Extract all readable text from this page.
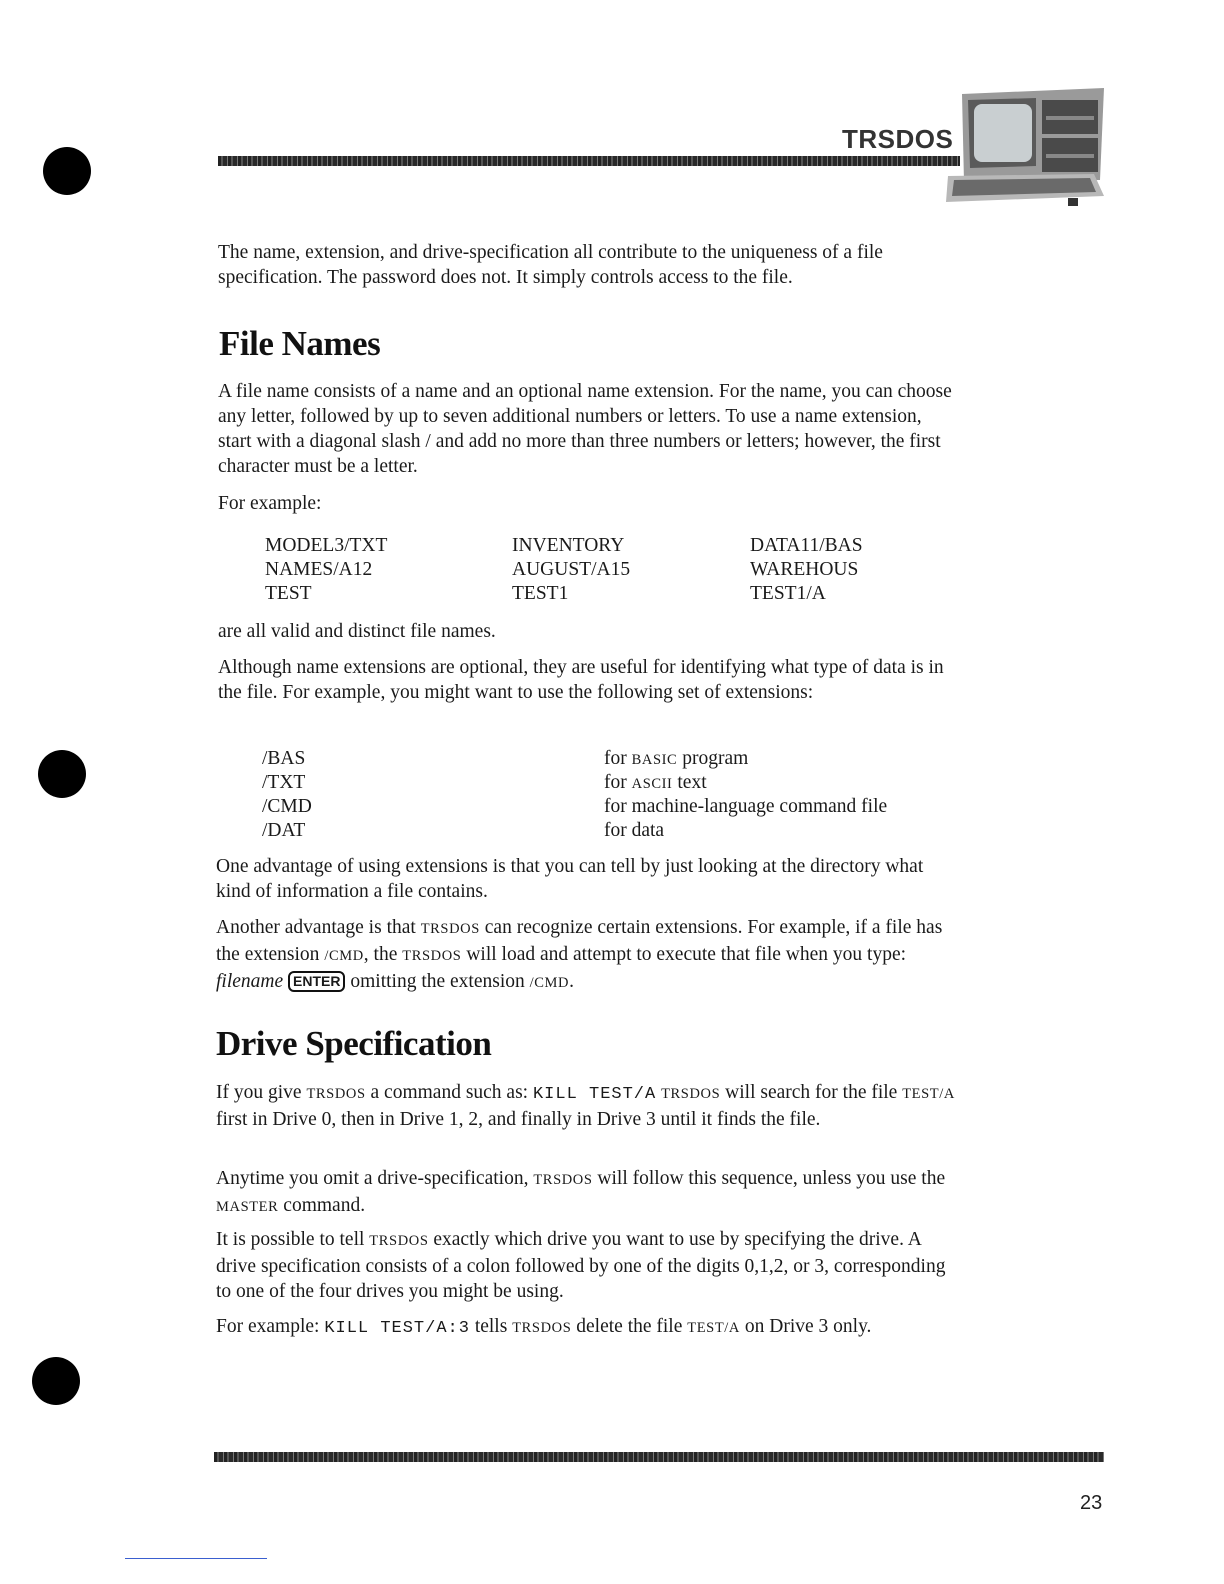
TRSDOS
The name, extension, and drive-specification all contribute to the uniqueness of a file specification. The password does not. It simply controls access to the file.
File Names
A file name consists of a name and an optional name extension. For the name, you can choose any letter, followed by up to seven additional numbers or letters. To use a name extension, start with a diagonal slash / and add no more than three numbers or letters; however, the first character must be a letter.
For example:
MODEL3/TXT	INVENTORY	DATA11/BAS
NAMES/A12	AUGUST/A15	WAREHOUS
TEST	TEST1	TEST1/A
are all valid and distinct file names.
Although name extensions are optional, they are useful for identifying what type of data is in the file. For example, you might want to use the following set of extensions:
/BAS	for BASIC program
/TXT	for ASCII text
/CMD	for machine-language command file
/DAT	for data
One advantage of using extensions is that you can tell by just looking at the directory what kind of information a file contains.
Another advantage is that TRSDOS can recognize certain extensions. For example, if a file has the extension /CMD, the TRSDOS will load and attempt to execute that file when you type: filename ENTER omitting the extension /CMD.
Drive Specification
If you give TRSDOS a command such as: KILL TEST/A TRSDOS will search for the file TEST/A first in Drive 0, then in Drive 1, 2, and finally in Drive 3 until it finds the file.
Anytime you omit a drive-specification, TRSDOS will follow this sequence, unless you use the MASTER command.
It is possible to tell TRSDOS exactly which drive you want to use by specifying the drive. A drive specification consists of a colon followed by one of the digits 0,1,2, or 3, corresponding to one of the four drives you might be using.
For example: KILL TEST/A:3 tells TRSDOS delete the file TEST/A on Drive 3 only.
23
